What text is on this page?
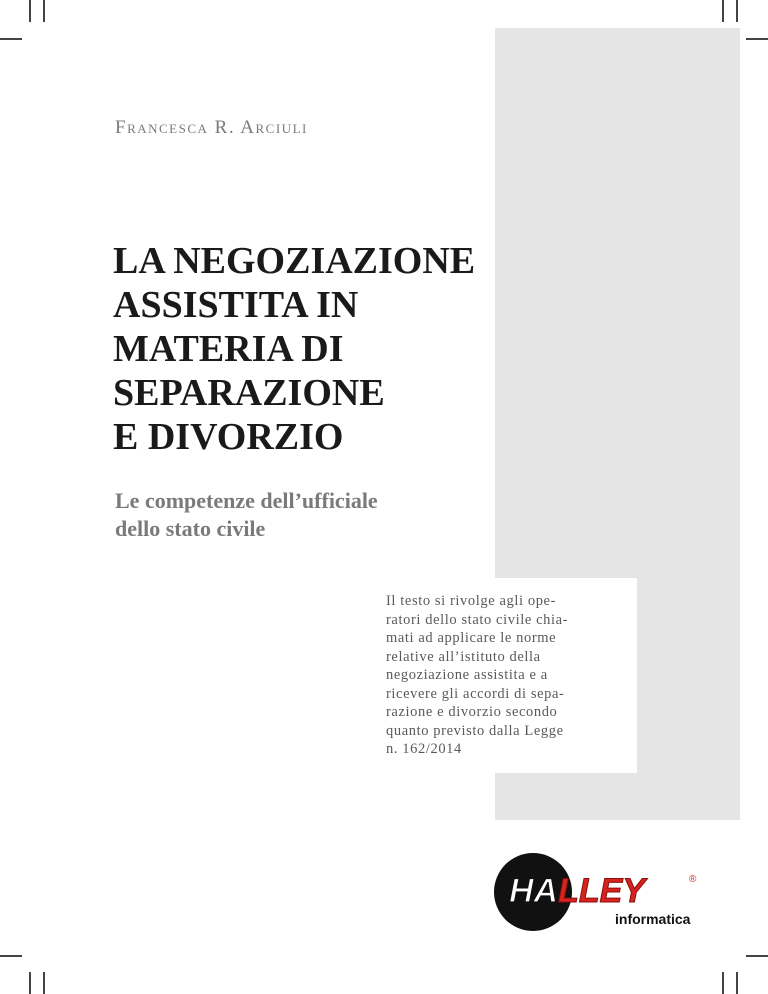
Francesca R. Arciuli
LA NEGOZIAZIONE
ASSISTITA IN
MATERIA DI
SEPARAZIONE
E DIVORZIO
Le competenze dell’ufficiale
dello stato civile
Il testo si rivolge agli ope-
ratori dello stato civile chia-
mati ad applicare le norme
relative all’istituto della
negoziazione assistita e a
ricevere gli accordi di sepa-
razione e divorzio secondo
quanto previsto dalla Legge
n. 162/2014
HALLEY	®
informatica
